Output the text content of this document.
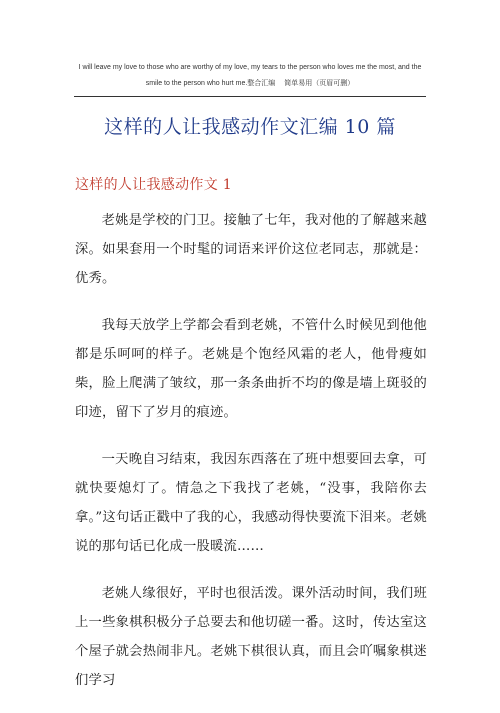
I will leave my love to those who are worthy of my love, my tears to the person who loves me the most, and the
smile to the person who hurt me.整合汇编　 简单易用（页眉可删）
这样的人让我感动作文汇编 10 篇
这样的人让我感动作文 1

老姚是学校的门卫。接触了七年，我对他的了解越来越深。如果套用一个时髦的词语来评价这位老同志，那就是：优秀。

我每天放学上学都会看到老姚，不管什么时候见到他他都是乐呵呵的样子。老姚是个饱经风霜的老人，他骨瘦如柴，脸上爬满了皱纹，那一条条曲折不均的像是墙上斑驳的印迹，留下了岁月的痕迹。

一天晚自习结束，我因东西落在了班中想要回去拿，可就快要熄灯了。情急之下我找了老姚，“没事，我陪你去拿。”这句话正戳中了我的心，我感动得快要流下泪来。老姚说的那句话已化成一股暖流……

老姚人缘很好，平时也很活泼。课外活动时间，我们班上一些象棋积极分子总要去和他切磋一番。这时，传达室这个屋子就会热闹非凡。老姚下棋很认真，而且会吖嘱象棋迷们学习
